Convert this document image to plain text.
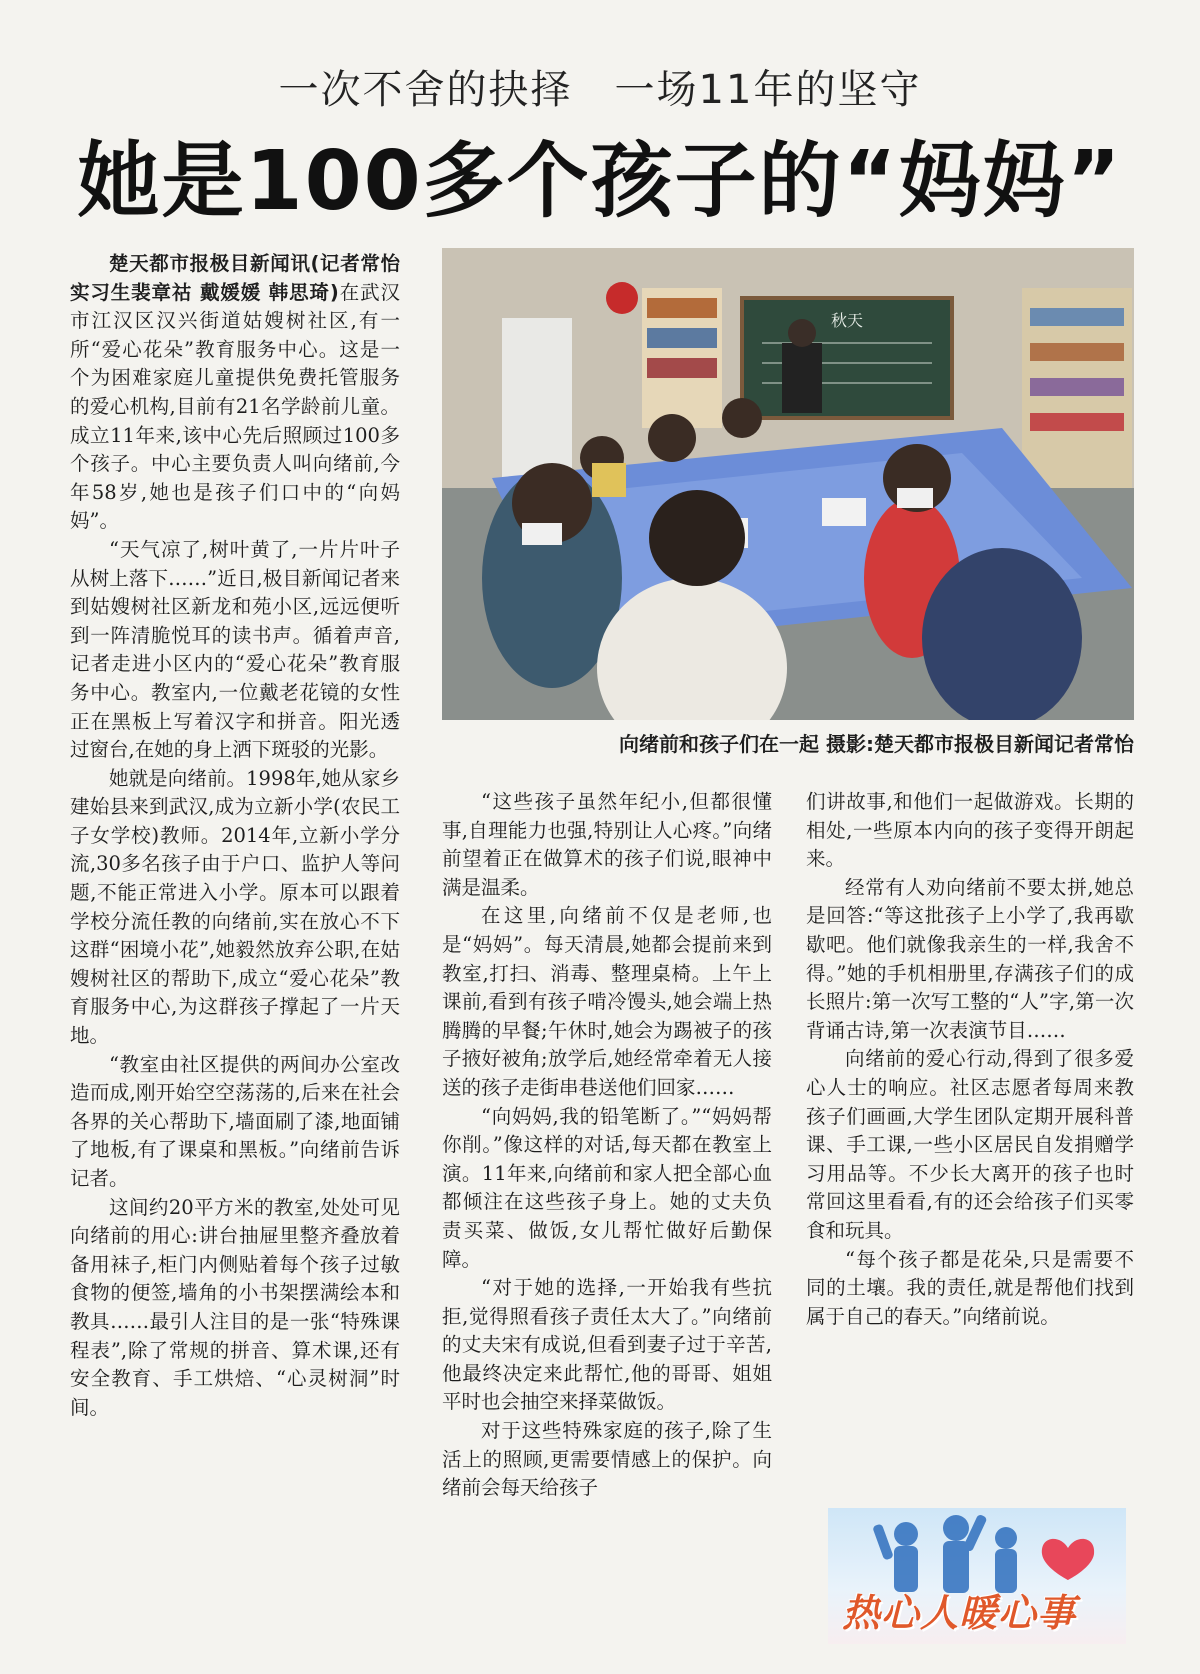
一次不舍的抉择　一场11年的坚守
她是100多个孩子的“妈妈”

楚天都市报极目新闻讯(记者常怡 实习生裴章祜 戴媛媛 韩思琦)在武汉市江汉区汉兴街道姑嫂树社区,有一所“爱心花朵”教育服务中心。这是一个为困难家庭儿童提供免费托管服务的爱心机构,目前有21名学龄前儿童。成立11年来,该中心先后照顾过100多个孩子。中心主要负责人叫向绪前,今年58岁,她也是孩子们口中的“向妈妈”。

“天气凉了,树叶黄了,一片片叶子从树上落下……”近日,极目新闻记者来到姑嫂树社区新龙和苑小区,远远便听到一阵清脆悦耳的读书声。循着声音,记者走进小区内的“爱心花朵”教育服务中心。教室内,一位戴老花镜的女性正在黑板上写着汉字和拼音。阳光透过窗台,在她的身上洒下斑驳的光影。

她就是向绪前。1998年,她从家乡建始县来到武汉,成为立新小学(农民工子女学校)教师。2014年,立新小学分流,30多名孩子由于户口、监护人等问题,不能正常进入小学。原本可以跟着学校分流任教的向绪前,实在放心不下这群“困境小花”,她毅然放弃公职,在姑嫂树社区的帮助下,成立“爱心花朵”教育服务中心,为这群孩子撑起了一片天地。

“教室由社区提供的两间办公室改造而成,刚开始空空荡荡的,后来在社会各界的关心帮助下,墙面刷了漆,地面铺了地板,有了课桌和黑板。”向绪前告诉记者。

这间约20平方米的教室,处处可见向绪前的用心:讲台抽屉里整齐叠放着备用袜子,柜门内侧贴着每个孩子过敏食物的便签,墙角的小书架摆满绘本和教具……最引人注目的是一张“特殊课程表”,除了常规的拼音、算术课,还有安全教育、手工烘焙、“心灵树洞”时间。

秋天
向绪前和孩子们在一起 摄影:楚天都市报极目新闻记者常怡

“这些孩子虽然年纪小,但都很懂事,自理能力也强,特别让人心疼。”向绪前望着正在做算术的孩子们说,眼神中满是温柔。

在这里,向绪前不仅是老师,也是“妈妈”。每天清晨,她都会提前来到教室,打扫、消毒、整理桌椅。上午上课前,看到有孩子啃冷馒头,她会端上热腾腾的早餐;午休时,她会为踢被子的孩子掖好被角;放学后,她经常牵着无人接送的孩子走街串巷送他们回家……

“向妈妈,我的铅笔断了。”“妈妈帮你削。”像这样的对话,每天都在教室上演。11年来,向绪前和家人把全部心血都倾注在这些孩子身上。她的丈夫负责买菜、做饭,女儿帮忙做好后勤保障。

“对于她的选择,一开始我有些抗拒,觉得照看孩子责任太大了。”向绪前的丈夫宋有成说,但看到妻子过于辛苦,他最终决定来此帮忙,他的哥哥、姐姐平时也会抽空来择菜做饭。

对于这些特殊家庭的孩子,除了生活上的照顾,更需要情感上的保护。向绪前会每天给孩子

们讲故事,和他们一起做游戏。长期的相处,一些原本内向的孩子变得开朗起来。

经常有人劝向绪前不要太拼,她总是回答:“等这批孩子上小学了,我再歇歇吧。他们就像我亲生的一样,我舍不得。”她的手机相册里,存满孩子们的成长照片:第一次写工整的“人”字,第一次背诵古诗,第一次表演节目……

向绪前的爱心行动,得到了很多爱心人士的响应。社区志愿者每周来教孩子们画画,大学生团队定期开展科普课、手工课,一些小区居民自发捐赠学习用品等。不少长大离开的孩子也时常回这里看看,有的还会给孩子们买零食和玩具。

“每个孩子都是花朵,只是需要不同的土壤。我的责任,就是帮他们找到属于自己的春天。”向绪前说。

热心人暖心事
